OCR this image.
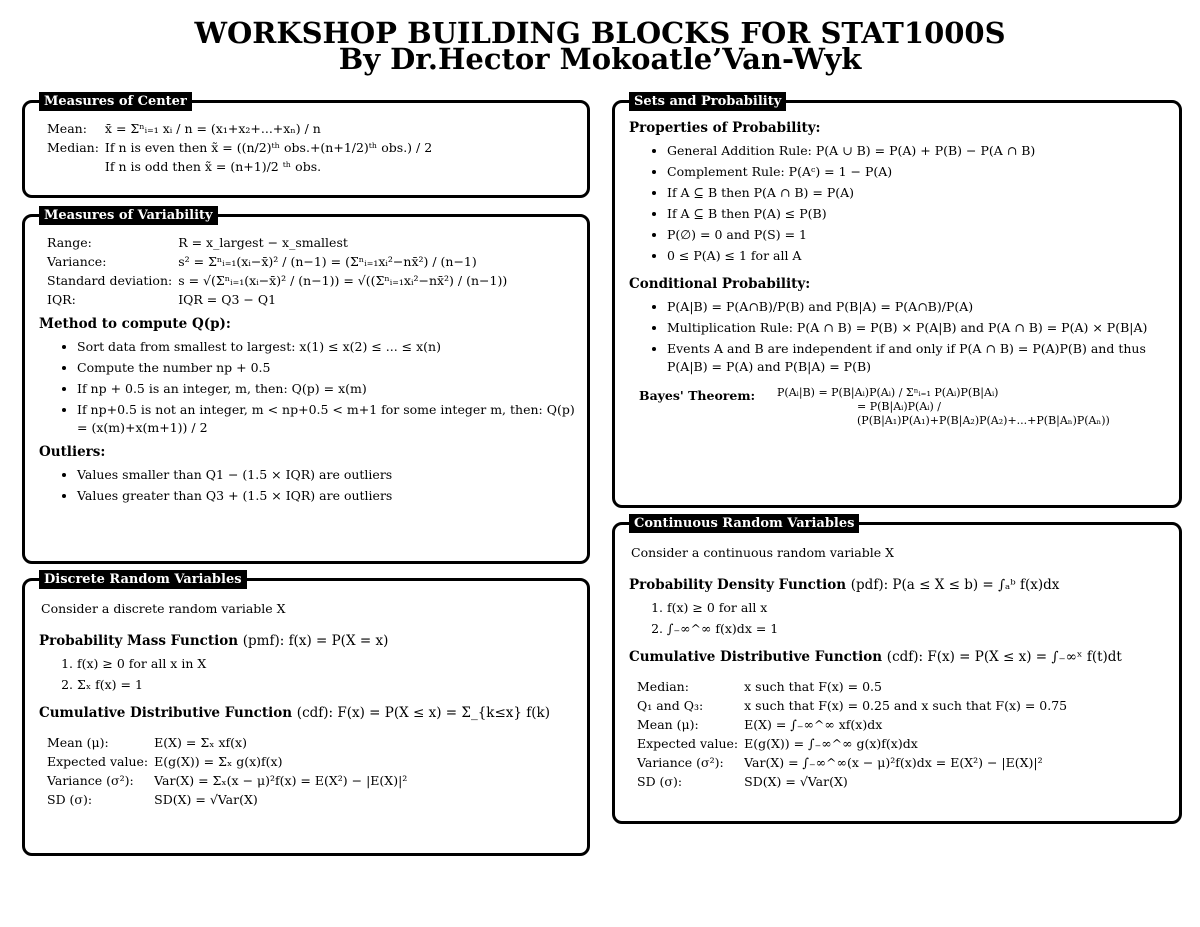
WORKSHOP BUILDING BLOCKS FOR STAT1000S
By Dr.Hector Mokoatle’Van-Wyk
Measures of Center
Mean:	x̄ = Σⁿᵢ₌₁ xᵢ / n = (x₁+x₂+...+xₙ) / n
Median:	If n is even then x̃ = ((n/2)ᵗʰ obs.+(n+1/2)ᵗʰ obs.) / 2
	If n is odd then x̃ = (n+1)/2 ᵗʰ obs.
Measures of Variability
Range:	R = x_largest − x_smallest
Variance:	s² = Σⁿᵢ₌₁(xᵢ−x̄)² / (n−1) = (Σⁿᵢ₌₁xᵢ²−nx̄²) / (n−1)
Standard deviation:	s = √(Σⁿᵢ₌₁(xᵢ−x̄)² / (n−1)) = √((Σⁿᵢ₌₁xᵢ²−nx̄²) / (n−1))
IQR:	IQR = Q3 − Q1
Method to compute Q(p):
• Sort data from smallest to largest: x(1) ≤ x(2) ≤ ... ≤ x(n)
• Compute the number np + 0.5
• If np + 0.5 is an integer, m, then: Q(p) = x(m)
• If np+0.5 is not an integer, m < np+0.5 < m+1 for some integer m, then: Q(p) = (x(m)+x(m+1)) / 2
Outliers:
• Values smaller than Q1 − (1.5 × IQR) are outliers
• Values greater than Q3 + (1.5 × IQR) are outliers
Discrete Random Variables
Consider a discrete random variable X
Probability Mass Function (pmf): f(x) = P(X = x)
1. f(x) ≥ 0 for all x in X
2. Σₓ f(x) = 1
Cumulative Distributive Function (cdf): F(x) = P(X ≤ x) = Σ_{k≤x} f(k)
Mean (μ):	E(X) = Σₓ xf(x)
Expected value:	E(g(X)) = Σₓ g(x)f(x)
Variance (σ²):	Var(X) = Σₓ(x − μ)²f(x) = E(X²) − |E(X)|²
SD (σ):	SD(X) = √Var(X)
Sets and Probability
Properties of Probability:
• General Addition Rule: P(A ∪ B) = P(A) + P(B) − P(A ∩ B)
• Complement Rule: P(Aᶜ) = 1 − P(A)
• If A ⊆ B then P(A ∩ B) = P(A)
• If A ⊆ B then P(A) ≤ P(B)
• P(∅) = 0 and P(S) = 1
• 0 ≤ P(A) ≤ 1 for all A
Conditional Probability:
• P(A|B) = P(A∩B)/P(B) and P(B|A) = P(A∩B)/P(A)
• Multiplication Rule: P(A ∩ B) = P(B) × P(A|B) and P(A ∩ B) = P(A) × P(B|A)
• Events A and B are independent if and only if P(A ∩ B) = P(A)P(B) and thus P(A|B) = P(A) and P(B|A) = P(B)
Bayes' Theorem:	P(Aᵢ|B) = P(B|Aᵢ)P(Aᵢ) / Σⁿᵢ₌₁ P(Aᵢ)P(B|Aᵢ)
= P(B|Aᵢ)P(Aᵢ) / (P(B|A₁)P(A₁)+P(B|A₂)P(A₂)+...+P(B|Aₙ)P(Aₙ))
Continuous Random Variables
Consider a continuous random variable X
Probability Density Function (pdf): P(a ≤ X ≤ b) = ∫ₐᵇ f(x)dx
1. f(x) ≥ 0 for all x
2. ∫₋∞^∞ f(x)dx = 1
Cumulative Distributive Function (cdf): F(x) = P(X ≤ x) = ∫₋∞ˣ f(t)dt
Median:	x such that F(x) = 0.5
Q₁ and Q₃:	x such that F(x) = 0.25 and x such that F(x) = 0.75
Mean (μ):	E(X) = ∫₋∞^∞ xf(x)dx
Expected value:	E(g(X)) = ∫₋∞^∞ g(x)f(x)dx
Variance (σ²):	Var(X) = ∫₋∞^∞(x − μ)²f(x)dx = E(X²) − |E(X)|²
SD (σ):	SD(X) = √Var(X)
